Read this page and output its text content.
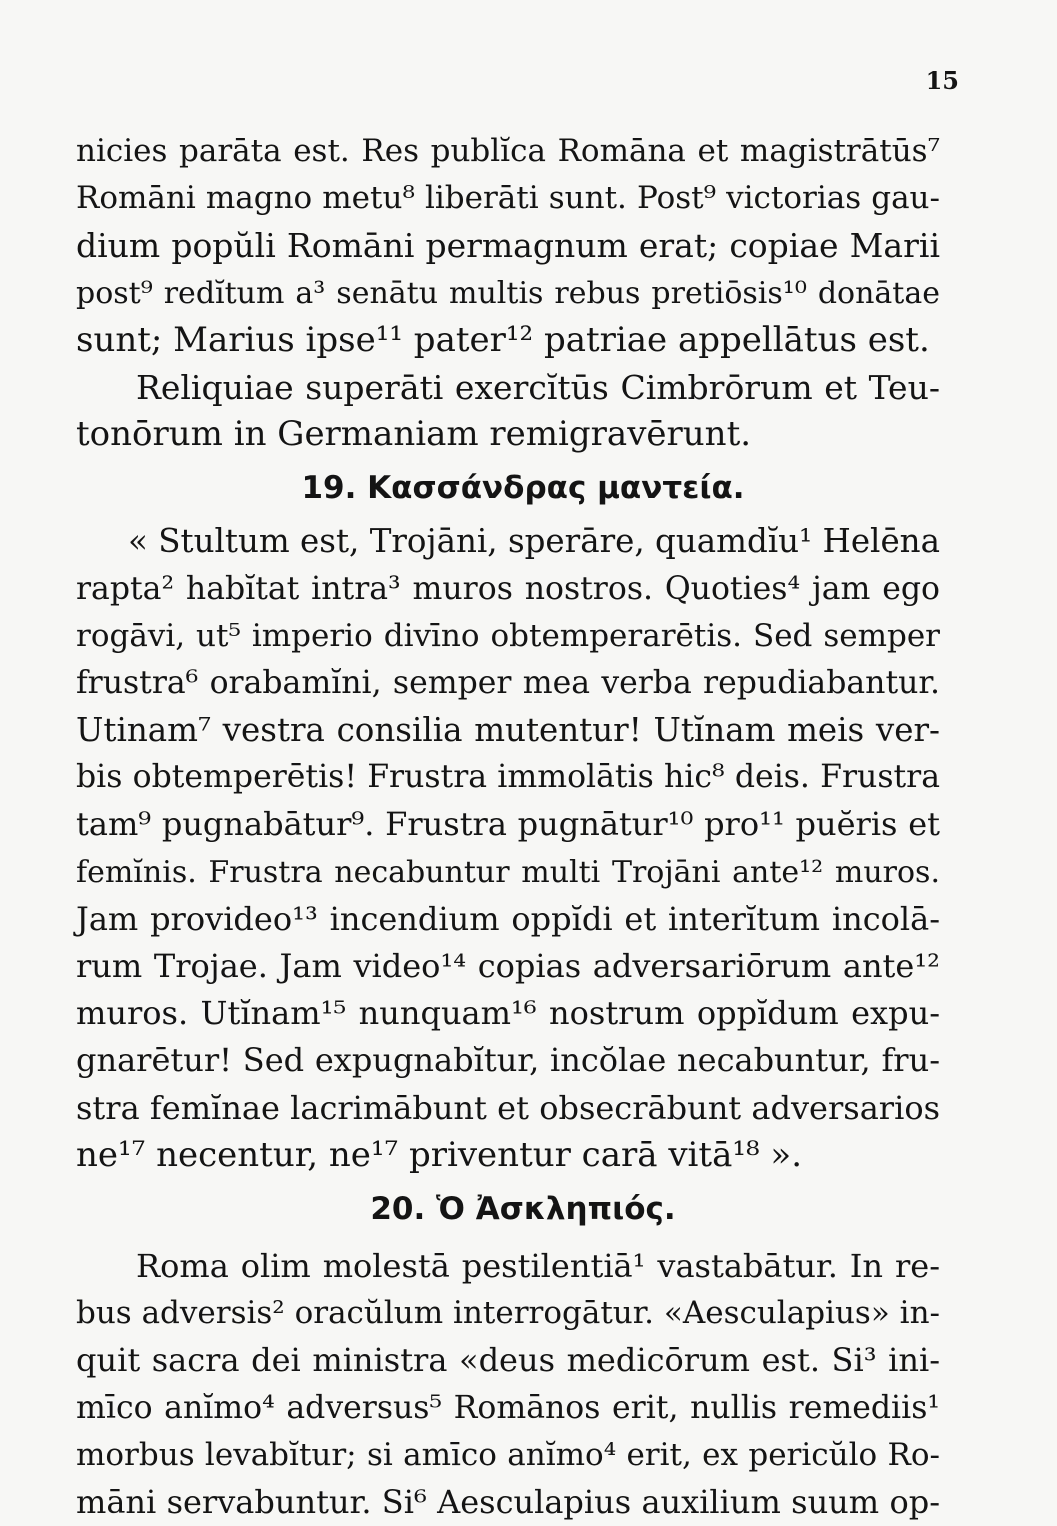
15
nicies parāta est. Res publĭca Romāna et magistrātūs⁷
Romāni magno metu⁸ liberāti sunt. Post⁹ victorias gau-
dium popŭli Romāni permagnum erat; copiae Marii
post⁹ redĭtum a³ senātu multis rebus pretiōsis¹⁰ donātae
sunt; Marius ipse¹¹ pater¹² patriae appellātus est.
Reliquiae superāti exercĭtūs Cimbrōrum et Teu-
tonōrum in Germaniam remigravērunt.
19. Κασσάνδρας μαντεία.
« Stultum est, Trojāni, sperāre, quamdĭu¹ Helēna
rapta² habĭtat intra³ muros nostros. Quoties⁴ jam ego
rogāvi, ut⁵ imperio divīno obtemperarētis. Sed semper
frustra⁶ orabamĭni, semper mea verba repudiabantur.
Utinam⁷ vestra consilia mutentur! Utĭnam meis ver-
bis obtemperētis! Frustra immolātis hic⁸ deis. Frustra
tam⁹ pugnabātur⁹. Frustra pugnātur¹⁰ pro¹¹ puĕris et
femĭnis. Frustra necabuntur multi Trojāni ante¹² muros.
Jam provideo¹³ incendium oppĭdi et interĭtum incolā-
rum Trojae. Jam video¹⁴ copias adversariōrum ante¹²
muros. Utĭnam¹⁵ nunquam¹⁶ nostrum oppĭdum expu-
gnarētur! Sed expugnabĭtur, incŏlae necabuntur, fru-
stra femĭnae lacrimābunt et obsecrābunt adversarios
ne¹⁷ necentur, ne¹⁷ priventur carā vitā¹⁸ ».
20. Ὁ Ἀσκληπιός.
Roma olim molestā pestilentiā¹ vastabātur. In re-
bus adversis² oracŭlum interrogātur. «Aesculapius» in-
quit sacra dei ministra «deus medicōrum est. Si³ ini-
mīco anĭmo⁴ adversus⁵ Romānos erit, nullis remediis¹
morbus levabĭtur; si amīco anĭmo⁴ erit, ex pericŭlo Ro-
māni servabuntur. Si⁶ Aesculapius auxilium suum op-
